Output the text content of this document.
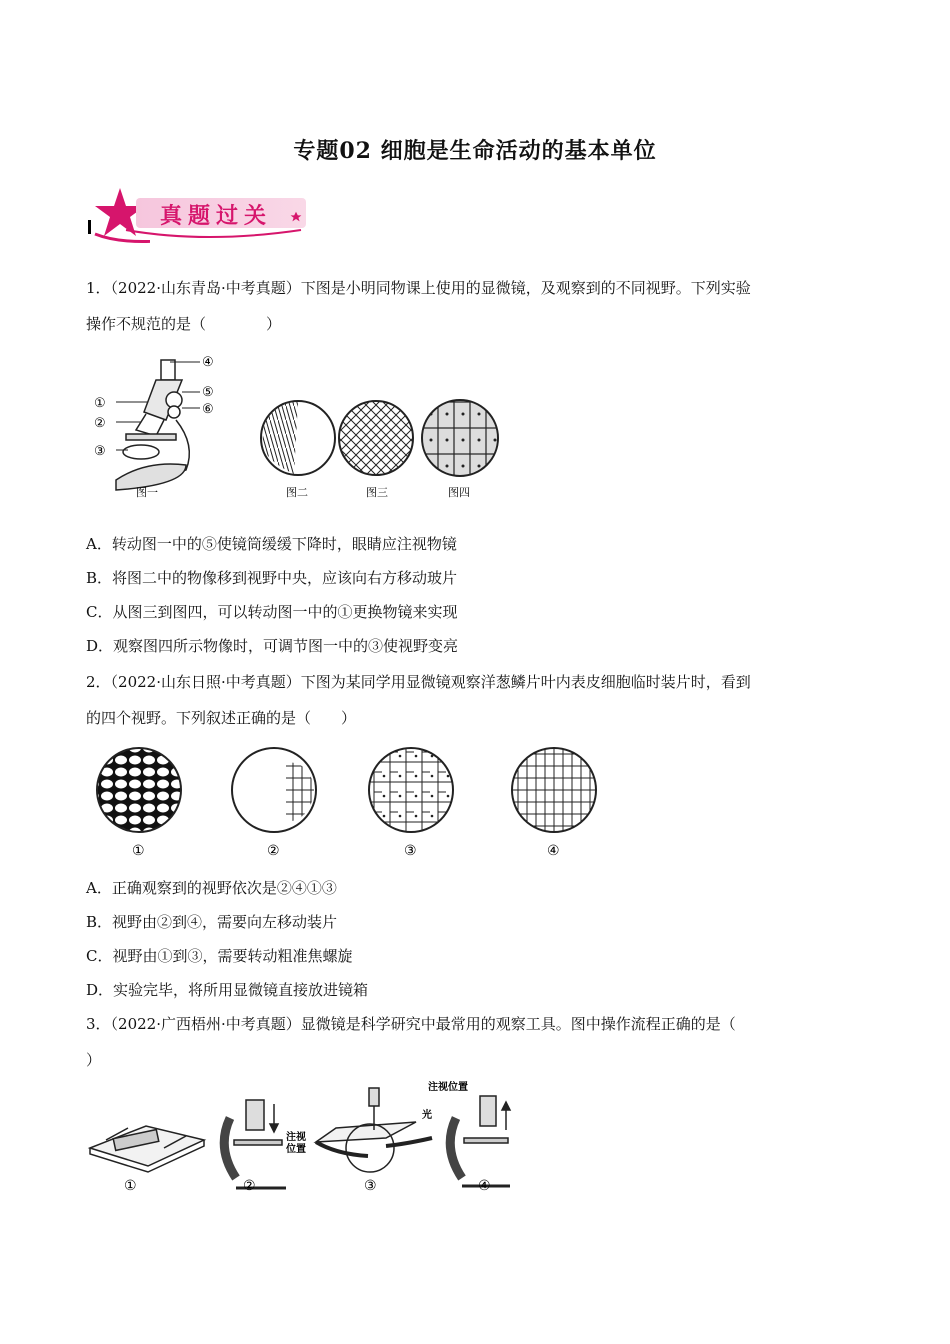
专题02 细胞是生命活动的基本单位
真题过关
1．（2022·山东青岛·中考真题）下图是小明同物课上使用的显微镜，及观察到的不同视野。下列实验
操作不规范的是（　　　　）
①
②
③
④
⑤
⑥
图一	图二	图三	图四
A．转动图一中的⑤使镜筒缓缓下降时，眼睛应注视物镜
B．将图二中的物像移到视野中央，应该向右方移动玻片
C．从图三到图四，可以转动图一中的①更换物镜来实现
D．观察图四所示物像时，可调节图一中的③使视野变亮
2．（2022·山东日照·中考真题）下图为某同学用显微镜观察洋葱鳞片叶内表皮细胞临时装片时，看到
的四个视野。下列叙述正确的是（　　）
①	②	③	④
A．正确观察到的视野依次是②④①③
B．视野由②到④，需要向左移动装片
C．视野由①到③，需要转动粗准焦螺旋
D．实验完毕，将所用显微镜直接放进镜箱
3．（2022·广西梧州·中考真题）显微镜是科学研究中最常用的观察工具。图中操作流程正确的是（
）
注视
位置
光
注视位置
①	②	③	④
